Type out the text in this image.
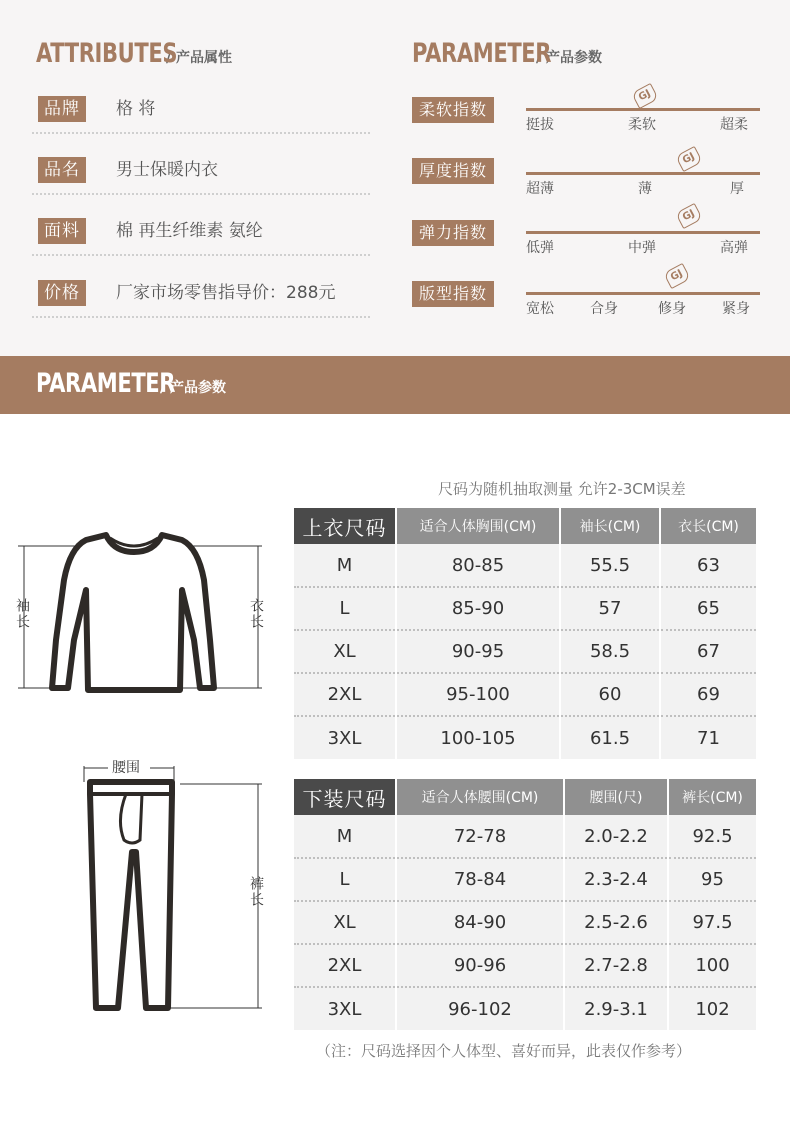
ATTRIBUTES
/ 产品属性
品牌	格 将
品名	男士保暖内衣
面料	棉 再生纤维素 氨纶
价格	厂家市场零售指导价：288元
PARAMETER
/ 产品参数
柔软指数
GJ
挺拔	柔软	超柔
厚度指数
GJ
超薄	薄	厚
弹力指数
GJ
低弹	中弹	高弹
版型指数
GJ
宽松	合身	修身	紧身
PARAMETER
/ 产品参数
尺码为随机抽取测量 允许2-3CM误差
袖长	衣长
腰围
裤长
上衣尺码	适合人体胸围(CM)	袖长(CM)	衣长(CM)
M	80-85	55.5	63
L	85-90	57	65
XL	90-95	58.5	67
2XL	95-100	60	69
3XL	100-105	61.5	71
下装尺码	适合人体腰围(CM)	腰围(尺)	裤长(CM)
M	72-78	2.0-2.2	92.5
L	78-84	2.3-2.4	95
XL	84-90	2.5-2.6	97.5
2XL	90-96	2.7-2.8	100
3XL	96-102	2.9-3.1	102
（注：尺码选择因个人体型、喜好而异，此表仅作参考）
